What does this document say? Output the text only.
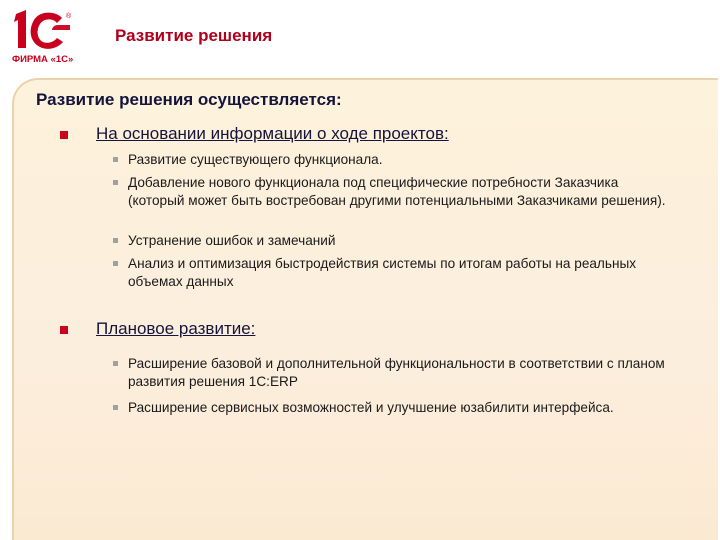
®
ФИРМА «1С»
Развитие решения
Развитие решения осуществляется:
На основании информации о ходе проектов:
Развитие существующего функционала.
Добавление нового функционала под специфические потребности Заказчика (который может быть востребован другими потенциальными Заказчиками решения).
Устранение ошибок и замечаний
Анализ и оптимизация быстродействия системы по итогам работы на реальных объемах данных
Плановое развитие:
Расширение базовой и дополнительной функциональности в соответствии с планом развития решения 1С:ERP
Расширение сервисных возможностей и улучшение юзабилити интерфейса.
